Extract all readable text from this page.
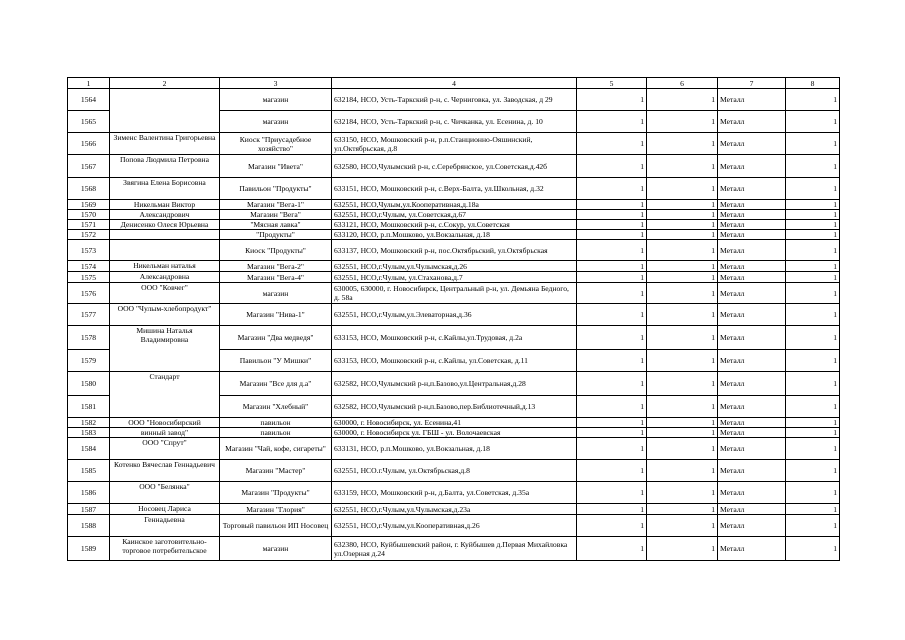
1	2	3	4	5	6	7	8
1564		магазин	632184, НСО, Усть-Таркский р-н, с. Черниговка, ул. Заводская, д 29	1	1	Металл	1
1565		магазин	632184, НСО, Усть-Таркский р-н, с. Чичканка, ул. Есенина, д. 10	1	1	Металл	1
1566	Зименс Валентина Григорьевна	Киоск "Приусадебное хозяйство"	633150, НСО, Мошковский р-н, р.п.Станционно-Ояшинский, ул.Октябрьская, д.8	1	1	Металл	1
1567	Попова Людмила Петровна	Магазин "Ивета"	632580, НСО,Чулымский р-н, с.Серебрянское, ул.Советская,д.42б	1	1	Металл	1
1568	Звягина Елена Борисовна	Павильон "Продукты"	633151, НСО, Мошковский р-н, с.Верх-Балта, ул.Школьная, д.32	1	1	Металл	1
1569	Никельман Виктор	Магазин "Вега-1"	632551, НСО,Чулым,ул.Кооперативная,д.18а	1	1	Металл	1
1570	Александрович	Магазин "Вега"	632551, НСО,г.Чулым, ул.Советская,д.67	1	1	Металл	1
1571	Денисенко Олеся Юрьевна	"Мясная лавка"	633121, НСО, Мошковский р-н, с.Сокур, ул.Советская	1	1	Металл	1
1572		"Продукты"	633120, НСО, р.п.Мошково, ул.Вокзальная, д.18	1	1	Металл	1
1573		Киоск "Продукты"	633137, НСО, Мошковский р-н, пос.Октябрьский, ул.Октябрьская	1	1	Металл	1
1574	Никельман наталья	Магазин "Вега-2"	632551, НСО,г.Чулым,ул.Чулымская,д.26	1	1	Металл	1
1575	Александровна	Магазин "Вега-4"	632551, НСО,г.Чулым, ул.Стаханова,д.7	1	1	Металл	1
1576	ООО "Ковчег"	магазин	630005, 630000, г. Новосибирск, Центральный р-н, ул. Демьяна Бедного, д. 58а	1	1	Металл	1
1577	ООО "Чулым-хлебопродукт"	Магазин "Нива-1"	632551, НСО,г.Чулым,ул.Элеваторная,д.36	1	1	Металл	1
1578	Мишина Наталья Владимировна	Магазин "Два медведя"	633153, НСО, Мошковский р-н, с.Кайлы,ул.Трудовая, д.2а	1	1	Металл	1
1579		Павильон "У Мишки"	633153, НСО, Мошковский р-н, с.Кайлы, ул.Советская, д.11	1	1	Металл	1
1580	Стандарт	Магазин "Все для д.а"	632582, НСО,Чулымский р-н,п.Базово,ул.Центральная,д.28	1	1	Металл	1
1581		Магазин "Хлебный"	632582, НСО,Чулымский р-н,п.Базово,пер.Библиотечный,д.13	1	1	Металл	1
1582	ООО "Новосибирский	павильон	630000, г. Новосибирск, ул. Есенина,41	1	1	Металл	1
1583	винный завод"	павильон	630000, г. Новосибирск ул. ГБШ - ул. Волочаевская	1	1	Металл	1
1584	ООО "Спрут"	Магазин "Чай, кофе, сигареты"	633131, НСО, р.п.Мошково, ул.Вокзальная, д.18	1	1	Металл	1
1585	Котенко Вячеслав Геннадьевич	Магазин "Мастер"	632551, НСО.г.Чулым, ул.Октябрьская,д.8	1	1	Металл	1
1586	ООО "Белянка"	Магазин "Продукты"	633159, НСО, Мошковский р-н, д.Балта, ул.Советская, д.35а	1	1	Металл	1
1587	Носовец Лариса	Магазин "Глория"	632551, НСО,г.Чулым,ул.Чулымская,д.23а	1	1	Металл	1
1588	Геннадьевна	Торговый павильон ИП Носовец	632551, НСО,г.Чулым,ул.Кооперативная,д.26	1	1	Металл	1
1589	Каинское заготовительно-торговое потребительское	магазин	632380, НСО, Куйбышевский район, г. Куйбышев д.Первая Михайловка ул.Озерная д.24	1	1	Металл	1
